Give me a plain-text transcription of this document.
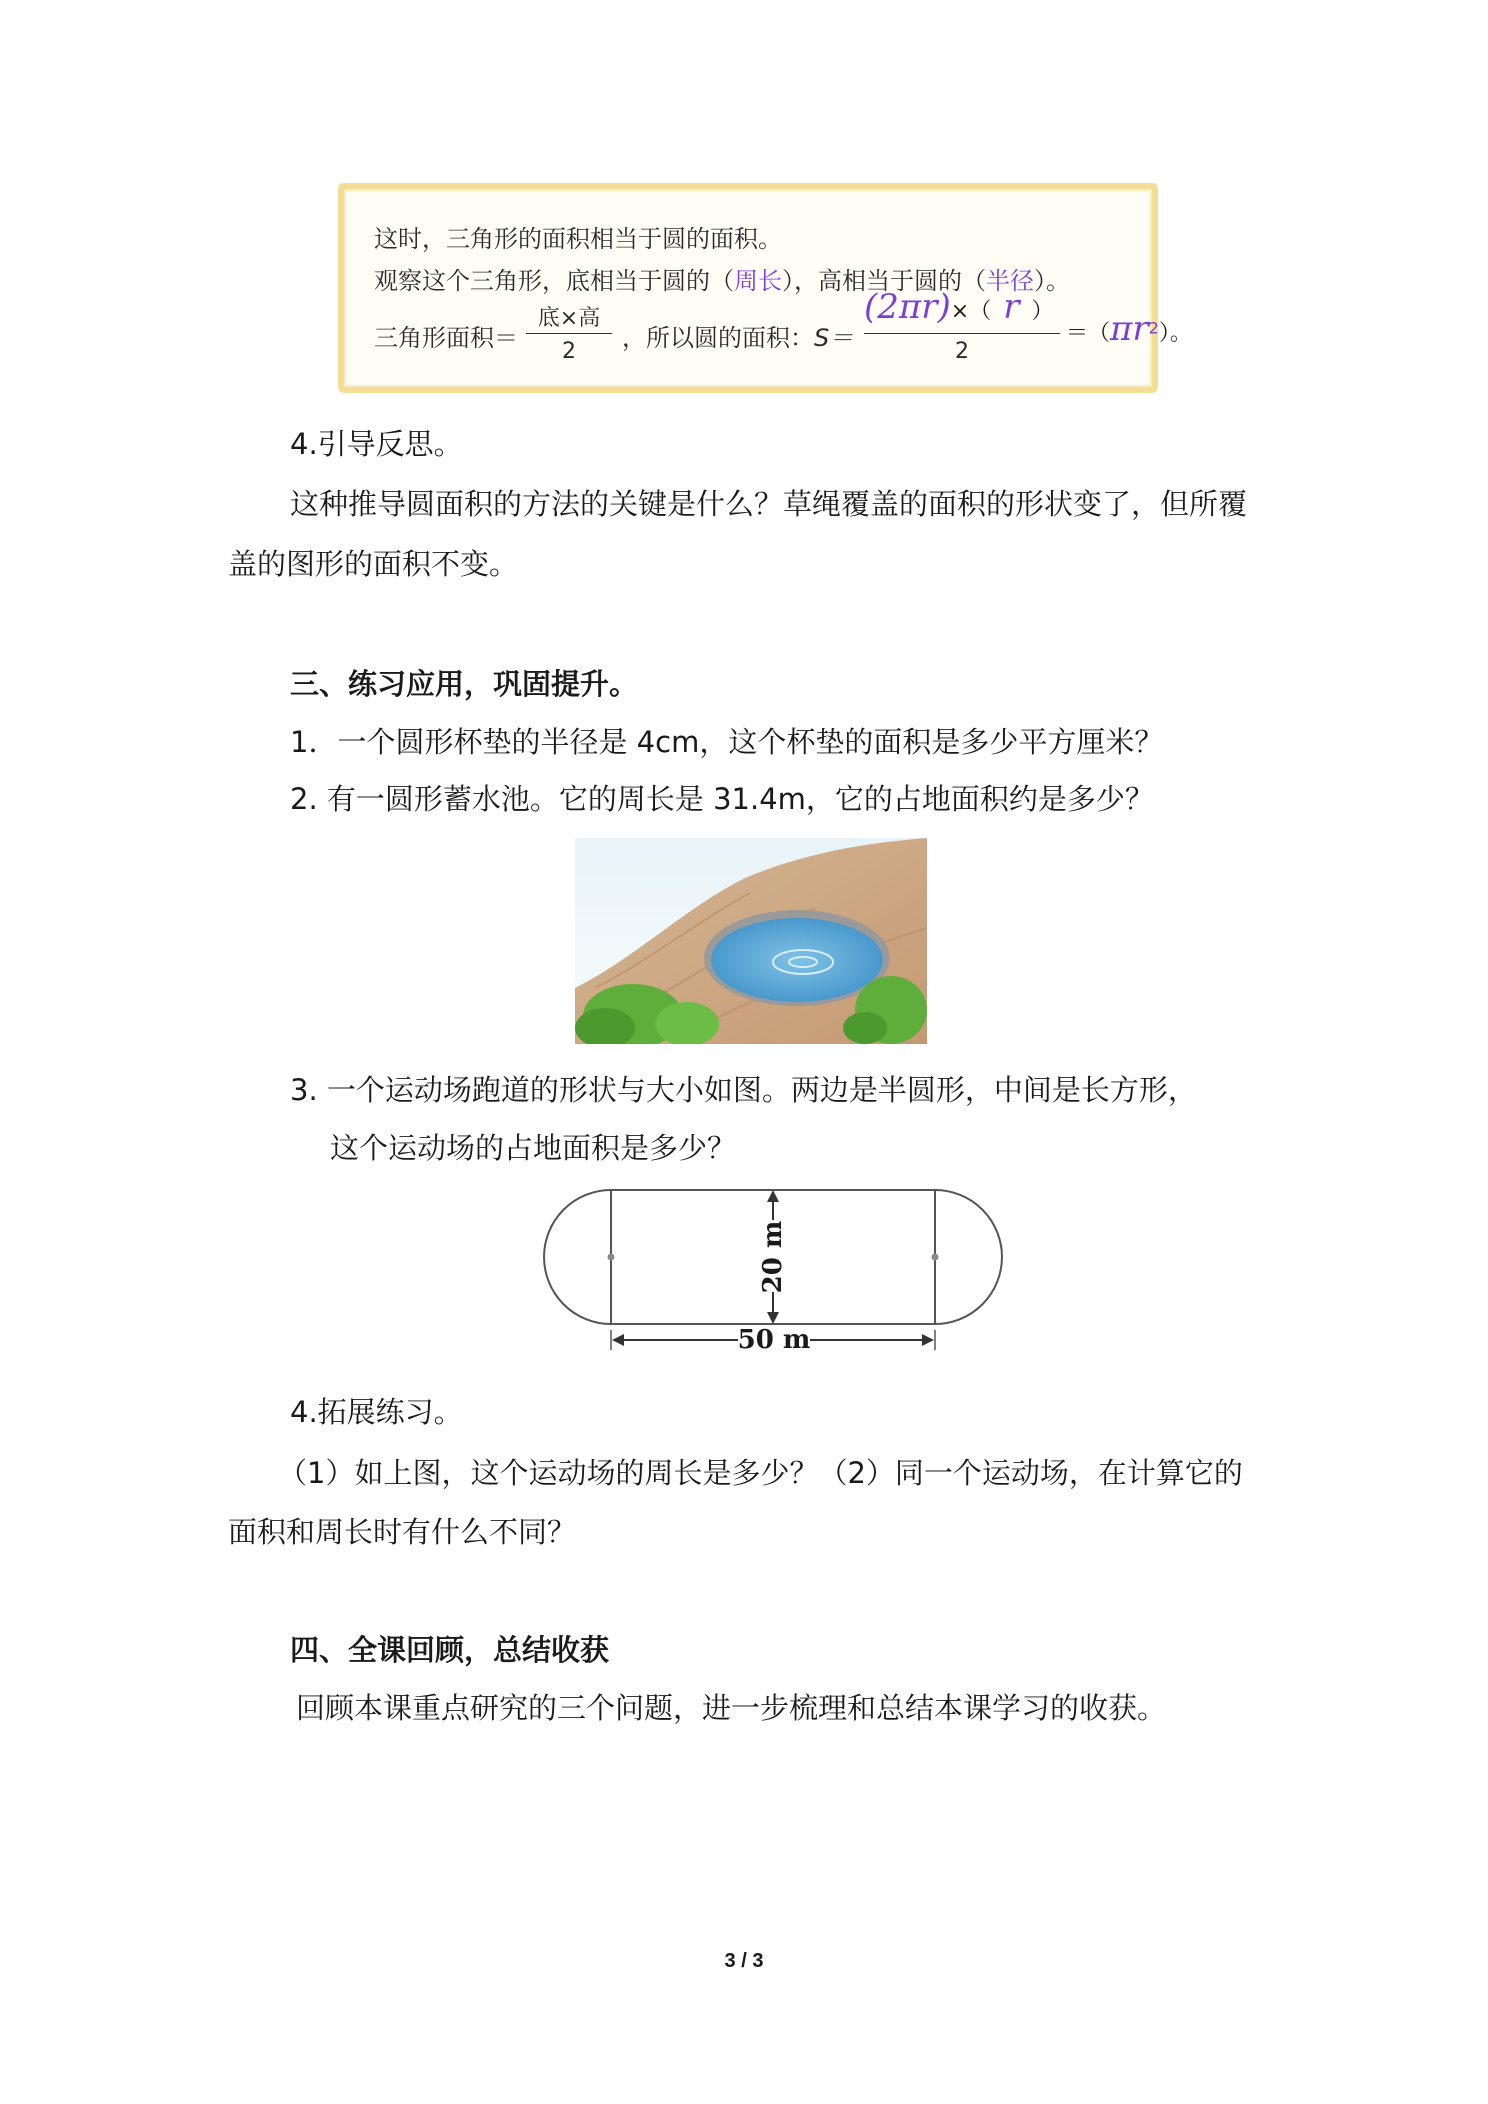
这时，三角形的面积相当于圆的面积。
观察这个三角形，底相当于圆的（周长），高相当于圆的（半径）。
三角形面积＝
底×高
2	，所以圆的面积： S＝
(2πr)×（ r ）
2
$=(\pi r^2)$。
4.引导反思。
这种推导圆面积的方法的关键是什么？草绳覆盖的面积的形状变了，但所覆
盖的图形的面积不变。
三、练习应用，巩固提升。
1．一个圆形杯垫的半径是 4cm，这个杯垫的面积是多少平方厘米？
2. 有一圆形蓄水池。它的周长是 31.4m，它的占地面积约是多少？
3. 一个运动场跑道的形状与大小如图。两边是半圆形，中间是长方形，
这个运动场的占地面积是多少？
20 m
50 m
4.拓展练习。
（1）如上图，这个运动场的周长是多少？（2）同一个运动场，在计算它的
面积和周长时有什么不同？
四、全课回顾，总结收获
回顾本课重点研究的三个问题，进一步梳理和总结本课学习的收获。
3 / 3
